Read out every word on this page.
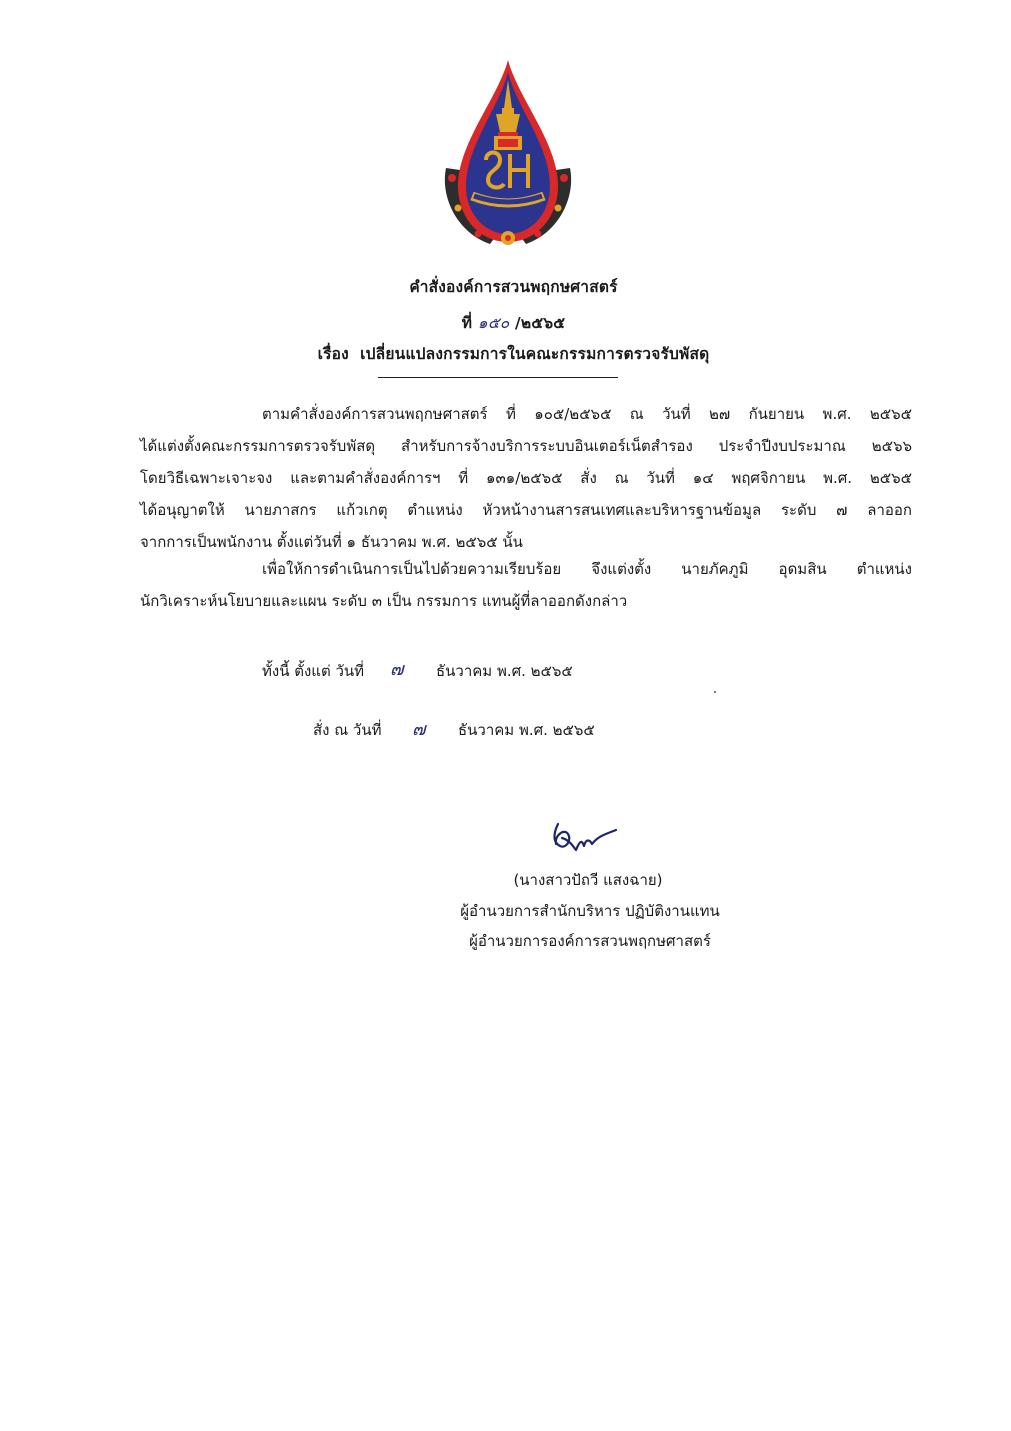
คำสั่งองค์การสวนพฤกษศาสตร์
ที่ ๑๕๐ /๒๕๖๕
เรื่อง เปลี่ยนแปลงกรรมการในคณะกรรมการตรวจรับพัสดุ
ตามคำสั่งองค์การสวนพฤกษศาสตร์ ที่ ๑๐๕/๒๕๖๕ ณ วันที่ ๒๗ กันยายน พ.ศ. ๒๕๖๕
ได้แต่งตั้งคณะกรรมการตรวจรับพัสดุ สำหรับการจ้างบริการระบบอินเตอร์เน็ตสำรอง ประจำปีงบประมาณ ๒๕๖๖
โดยวิธีเฉพาะเจาะจง และตามคำสั่งองค์การฯ ที่ ๑๓๑/๒๕๖๕ สั่ง ณ วันที่ ๑๔ พฤศจิกายน พ.ศ. ๒๕๖๕
ได้อนุญาตให้ นายภาสกร แก้วเกตุ ตำแหน่ง หัวหน้างานสารสนเทศและบริหารฐานข้อมูล ระดับ ๗ ลาออก
จากการเป็นพนักงาน ตั้งแต่วันที่ ๑ ธันวาคม พ.ศ. ๒๕๖๕ นั้น
เพื่อให้การดำเนินการเป็นไปด้วยความเรียบร้อย จึงแต่งตั้ง นายภัคภูมิ อุดมสิน ตำแหน่ง
นักวิเคราะห์นโยบายและแผน ระดับ ๓ เป็น กรรมการ แทนผู้ที่ลาออกดังกล่าว
ทั้งนี้ ตั้งแต่ วันที่ ๗ ธันวาคม พ.ศ. ๒๕๖๕
สั่ง ณ วันที่ ๗ ธันวาคม พ.ศ. ๒๕๖๕
(นางสาวปัถวี แสงฉาย)
ผู้อำนวยการสำนักบริหาร ปฏิบัติงานแทน
ผู้อำนวยการองค์การสวนพฤกษศาสตร์
